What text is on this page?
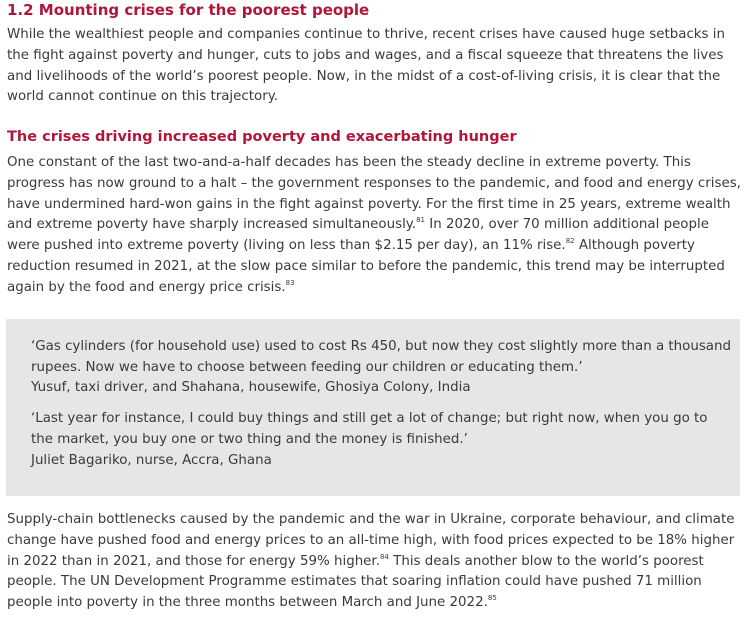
1.2 Mounting crises for the poorest people

While the wealthiest people and companies continue to thrive, recent crises have caused huge setbacks in the fight against poverty and hunger, cuts to jobs and wages, and a fiscal squeeze that threatens the lives and livelihoods of the world’s poorest people. Now, in the midst of a cost-of-living crisis, it is clear that the world cannot continue on this trajectory.

The crises driving increased poverty and exacerbating hunger

One constant of the last two-and-a-half decades has been the steady decline in extreme poverty. This progress has now ground to a halt – the government responses to the pandemic, and food and energy crises, have undermined hard-won gains in the fight against poverty. For the first time in 25 years, extreme wealth and extreme poverty have sharply increased simultaneously.$^{81}$ In 2020, over 70 million additional people were pushed into extreme poverty (living on less than $2.15 per day), an 11% rise.$^{82}$ Although poverty reduction resumed in 2021, at the slow pace similar to before the pandemic, this trend may be interrupted again by the food and energy price crisis.$^{83}$

‘Gas cylinders (for household use) used to cost Rs 450, but now they cost slightly more than a thousand rupees. Now we have to choose between feeding our children or educating them.’
Yusuf, taxi driver, and Shahana, housewife, Ghosiya Colony, India
‘Last year for instance, I could buy things and still get a lot of change; but right now, when you go to the market, you buy one or two thing and the money is finished.’
Juliet Bagariko, nurse, Accra, Ghana

Supply-chain bottlenecks caused by the pandemic and the war in Ukraine, corporate behaviour, and climate change have pushed food and energy prices to an all-time high, with food prices expected to be 18% higher in 2022 than in 2021, and those for energy 59% higher.$^{84}$ This deals another blow to the world’s poorest people. The UN Development Programme estimates that soaring inflation could have pushed 71 million people into poverty in the three months between March and June 2022.85
